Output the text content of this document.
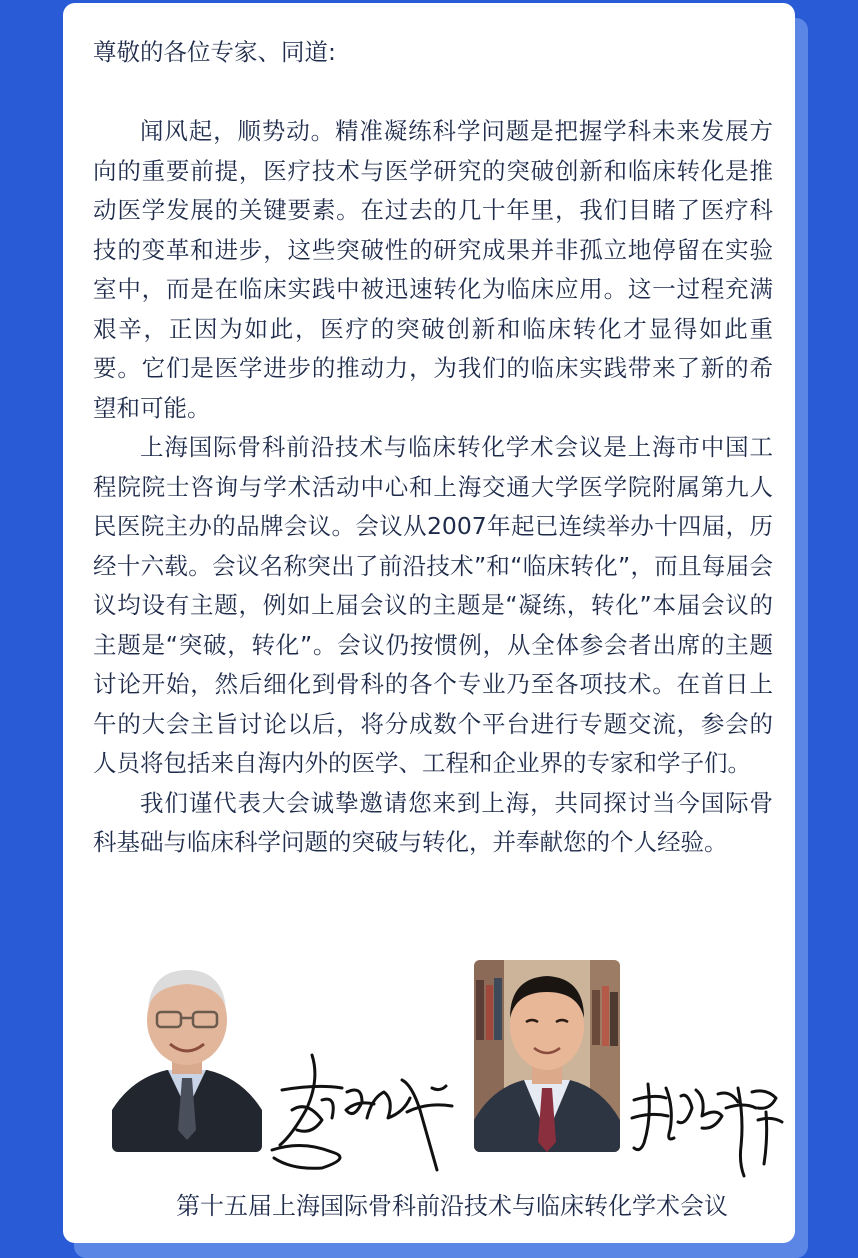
尊敬的各位专家、同道:

闻风起，顺势动。精准凝练科学问题是把握学科未来发展方向的重要前提，医疗技术与医学研究的突破创新和临床转化是推动医学发展的关键要素。在过去的几十年里，我们目睹了医疗科技的变革和进步，这些突破性的研究成果并非孤立地停留在实验室中，而是在临床实践中被迅速转化为临床应用。这一过程充满艰辛，正因为如此，医疗的突破创新和临床转化才显得如此重要。它们是医学进步的推动力，为我们的临床实践带来了新的希望和可能。

上海国际骨科前沿技术与临床转化学术会议是上海市中国工程院院士咨询与学术活动中心和上海交通大学医学院附属第九人民医院主办的品牌会议。会议从2007年起已连续举办十四届，历经十六载。会议名称突出了前沿技术”和“临床转化”，而且每届会议均设有主题，例如上届会议的主题是“凝练，转化”本届会议的主题是“突破，转化”。会议仍按惯例，从全体参会者出席的主题讨论开始，然后细化到骨科的各个专业乃至各项技术。在首日上午的大会主旨讨论以后，将分成数个平台进行专题交流，参会的人员将包括来自海内外的医学、工程和企业界的专家和学子们。

我们谨代表大会诚挚邀请您来到上海，共同探讨当今国际骨科基础与临床科学问题的突破与转化，并奉献您的个人经验。

第十五届上海国际骨科前沿技术与临床转化学术会议
